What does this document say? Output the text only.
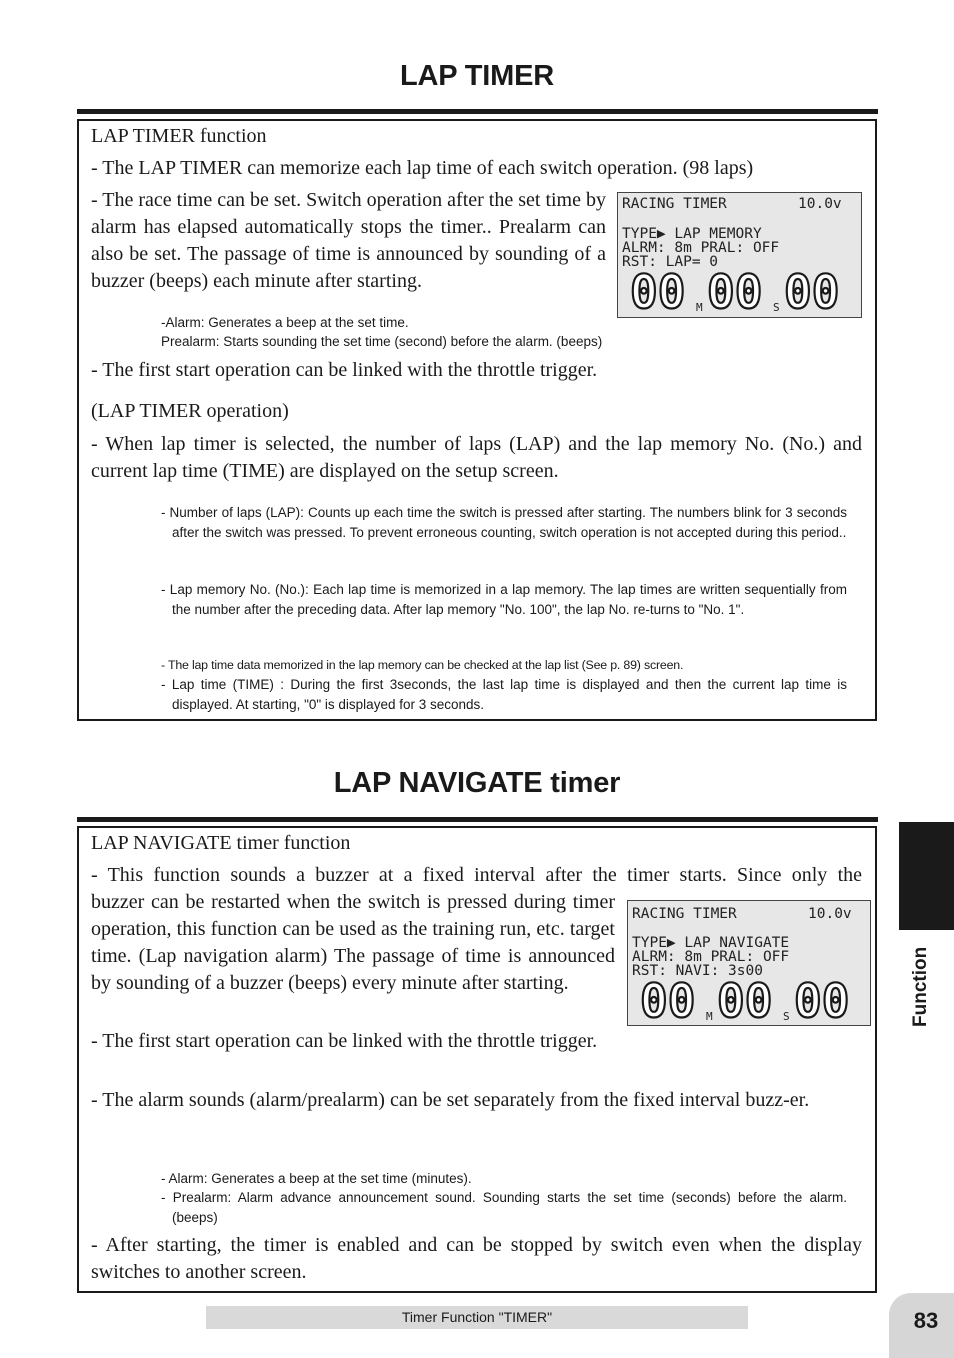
LAP TIMER

LAP TIMER function

- The LAP TIMER can memorize each lap time of each switch operation. (98 laps)

- The race time can be set. Switch operation after the set time by alarm has elapsed automatically stops the timer.. Prealarm can also be set. The passage of time is announced by sounding of a buzzer (beeps) each minute after starting.

RACING TIMER	10.0v
TYPE▶ LAP MEMORY
ALRM: 8m PRAL: OFF
RST: LAP= 0
00 M 00 S 00

-Alarm: Generates a beep at the set time.

Prealarm: Starts sounding the set time (second) before the alarm. (beeps)

- The first start operation can be linked with the throttle trigger.

(LAP TIMER operation)

- When lap timer is selected, the number of laps (LAP) and the lap memory No. (No.) and current lap time (TIME) are displayed on the setup screen.

- Number of laps (LAP): Counts up each time the switch is pressed after starting. The numbers blink for 3 seconds after the switch was pressed. To prevent erroneous counting, switch operation is not accepted during this period..

- Lap memory No. (No.): Each lap time is memorized in a lap memory. The lap times are written sequentially from the number after the preceding data. After lap memory "No. 100", the lap No. re-turns to "No. 1".

- The lap time data memorized in the lap memory can be checked at the lap list (See p. 89) screen.

- Lap time (TIME) : During the first 3seconds, the last lap time is displayed and then the current lap time is displayed. At starting, "0" is displayed for 3 seconds.

LAP NAVIGATE timer

LAP NAVIGATE timer function

- This function sounds a buzzer at a fixed interval after the timer starts. Since only the

buzzer can be restarted when the switch is pressed during timer operation, this function can be used as the training run, etc. target time. (Lap navigation alarm) The passage of time is announced by sounding of a buzzer (beeps) every minute after starting.

RACING TIMER	10.0v
TYPE▶ LAP NAVIGATE
ALRM: 8m PRAL: OFF
RST: NAVI: 3s00
00 M 00 S 00

- The first start operation can be linked with the throttle trigger.

- The alarm sounds (alarm/prealarm) can be set separately from the fixed interval buzz-er.

- Alarm: Generates a beep at the set time (minutes).

- Prealarm: Alarm advance announcement sound. Sounding starts the set time (seconds) before the alarm. (beeps)

- After starting, the timer is enabled and can be stopped by switch even when the display switches to another screen.

Function
Timer Function "TIMER"	83
